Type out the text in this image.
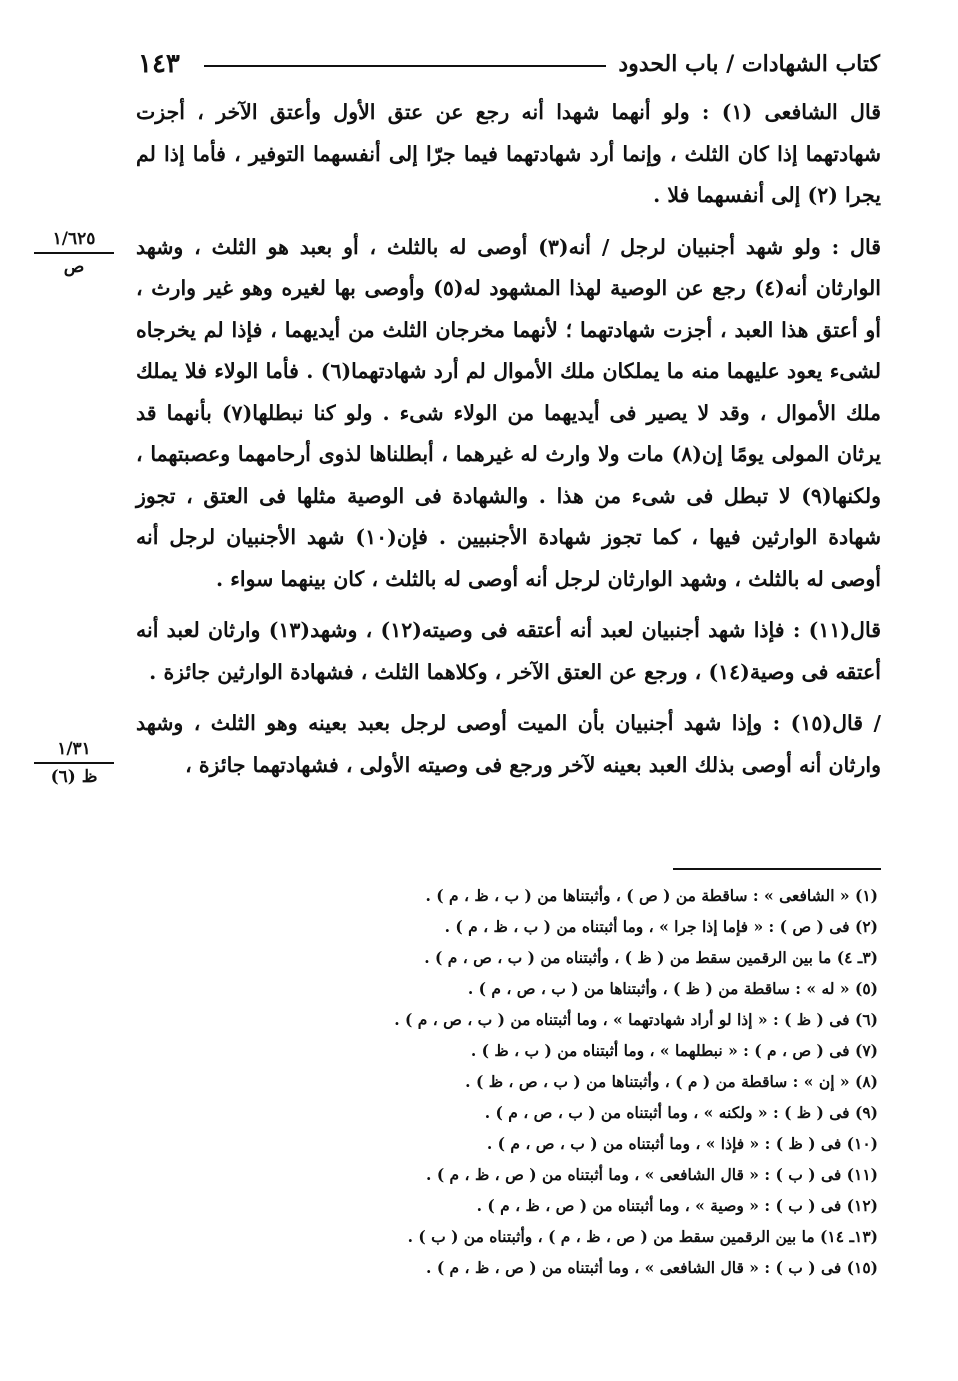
١٤٣	كتاب الشهادات / باب الحدود
١/٦٢٥
ص
١/٣١
ظ (٦)

قال الشافعى (١) : ولو أنهما شهدا أنه رجع عن عتق الأول وأعتق الآخر ، أجزت شهادتهما إذا كان الثلث ، وإنما أرد شهادتهما فيما جرّا إلى أنفسهما التوفير ، فأما إذا لم يجرا (٢) إلى أنفسهما فلا .

قال : ولو شهد أجنبيان لرجل / أنه(٣) أوصى له بالثلث ، أو بعبد هو الثلث ، وشهد الوارثان أنه(٤) رجع عن الوصية لهذا المشهود له(٥) وأوصى بها لغيره وهو غير وارث ، أو أعتق هذا العبد ، أجزت شهادتهما ؛ لأنهما مخرجان الثلث من أيديهما ، فإذا لم يخرجاه لشىء يعود عليهما منه ما يملكان ملك الأموال لم أرد شهادتهما(٦) . فأما الولاء فلا يملك ملك الأموال ، وقد لا يصير فى أيديهما من الولاء شىء . ولو كنا نبطلها(٧) بأنهما قد يرثان المولى يومًا إن(٨) مات ولا وارث له غيرهما ، أبطلناها لذوى أرحامهما وعصبتهما ، ولكنها(٩) لا تبطل فى شىء من هذا . والشهادة فى الوصية مثلها فى العتق ، تجوز شهادة الوارثين فيها ، كما تجوز شهادة الأجنبيين . فإن(١٠) شهد الأجنبيان لرجل أنه أوصى له بالثلث ، وشهد الوارثان لرجل أنه أوصى له بالثلث ، كان بينهما سواء .

قال(١١) : فإذا شهد أجنبيان لعبد أنه أعتقه فى وصيته(١٢) ، وشهد(١٣) وارثان لعبد أنه أعتقه فى وصية(١٤) ، ورجع عن العتق الآخر ، وكلاهما الثلث ، فشهادة الوارثين جائزة .

/ قال(١٥) : وإذا شهد أجنبيان بأن الميت أوصى لرجل بعبد بعينه وهو الثلث ، وشهد وارثان أنه أوصى بذلك العبد بعينه لآخر ورجع فى وصيته الأولى ، فشهادتهما جائزة ،

(١) « الشافعى » : ساقطة من ( ص ) ، وأثبتناها من ( ب ، ظ ، م ) .
(٢) فى ( ص ) : « فإما إذا جرا » ، وما أثبتناه من ( ب ، ظ ، م ) .
(٣ـ ٤) ما بين الرقمين سقط من ( ظ ) ، وأثبتناه من ( ب ، ص ، م ) .
(٥) « له » : ساقطة من ( ظ ) ، وأثبتناها من ( ب ، ص ، م ) .
(٦) فى ( ظ ) : « إذا لو أراد شهادتهما » ، وما أثبتناه من ( ب ، ص ، م ) .
(٧) فى ( ص ، م ) : « نبطلهما » ، وما أثبتناه من ( ب ، ظ ) .
(٨) « إن » : ساقطة من ( م ) ، وأثبتناها من ( ب ، ص ، ظ ) .
(٩) فى ( ظ ) : « ولكنه » ، وما أثبتناه من ( ب ، ص ، م ) .
(١٠) فى ( ظ ) : « فإذا » ، وما أثبتناه من ( ب ، ص ، م ) .
(١١) فى ( ب ) : « قال الشافعى » ، وما أثبتناه من ( ص ، ظ ، م ) .
(١٢) فى ( ب ) : « وصية » ، وما أثبتناه من ( ص ، ظ ، م ) .
(١٣ـ ١٤) ما بين الرقمين سقط من ( ص ، ظ ، م ) ، وأثبتناه من ( ب ) .
(١٥) فى ( ب ) : « قال الشافعى » ، وما أثبتناه من ( ص ، ظ ، م ) .
